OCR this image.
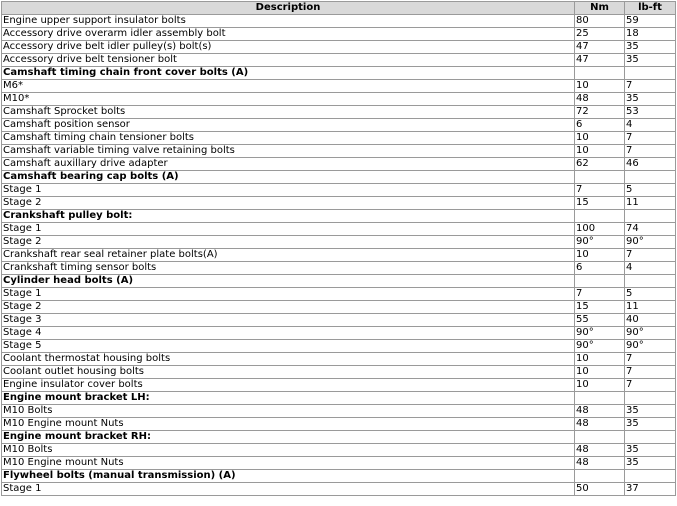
Description	Nm	lb-ft
Engine upper support insulator bolts	80	59
Accessory drive overarm idler assembly bolt	25	18
Accessory drive belt idler pulley(s) bolt(s)	47	35
Accessory drive belt tensioner bolt	47	35
Camshaft timing chain front cover bolts (A)		
M6*	10	7
M10*	48	35
Camshaft Sprocket bolts	72	53
Camshaft position sensor	6	4
Camshaft timing chain tensioner bolts	10	7
Camshaft variable timing valve retaining bolts	10	7
Camshaft auxillary drive adapter	62	46
Camshaft bearing cap bolts (A)		
Stage 1	7	5
Stage 2	15	11
Crankshaft pulley bolt:		
Stage 1	100	74
Stage 2	90°	90°
Crankshaft rear seal retainer plate bolts(A)	10	7
Crankshaft timing sensor bolts	6	4
Cylinder head bolts (A)		
Stage 1	7	5
Stage 2	15	11
Stage 3	55	40
Stage 4	90°	90°
Stage 5	90°	90°
Coolant thermostat housing bolts	10	7
Coolant outlet housing bolts	10	7
Engine insulator cover bolts	10	7
Engine mount bracket LH:		
M10 Bolts	48	35
M10 Engine mount Nuts	48	35
Engine mount bracket RH:		
M10 Bolts	48	35
M10 Engine mount Nuts	48	35
Flywheel bolts (manual transmission) (A)		
Stage 1	50	37
